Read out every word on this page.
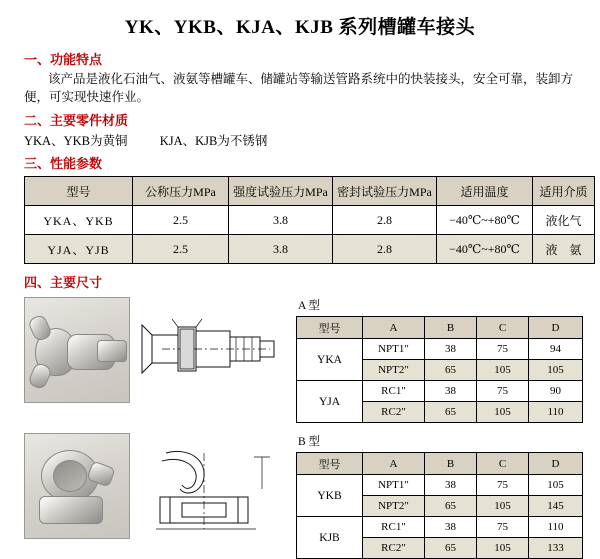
YK、YKB、KJA、KJB 系列槽罐车接头
一、功能特点
该产品是液化石油气、液氨等槽罐车、储罐站等输送管路系统中的快装接头，安全可靠，装卸方便，可实现快速作业。
二、主要零件材质
YKA、YKB为黄铜	KJA、KJB为不锈钢
三、性能参数
型号	公称压力MPa	强度试验压力MPa	密封试验压力MPa	适用温度	适用介质
YKA、YKB	2.5	3.8	2.8	−40℃~+80℃	液化气
YJA、YJB	2.5	3.8	2.8	−40℃~+80℃	液　氨
四、主要尺寸
A 型
型号	A	B	C	D
YKA	NPT1"	38	75	94
	NPT2"	65	105	105
YJA	RC1"	38	75	90
	RC2"	65	105	110
B 型
型号	A	B	C	D
YKB	NPT1"	38	75	105
	NPT2"	65	105	145
KJB	RC1"	38	75	110
	RC2"	65	105	133
